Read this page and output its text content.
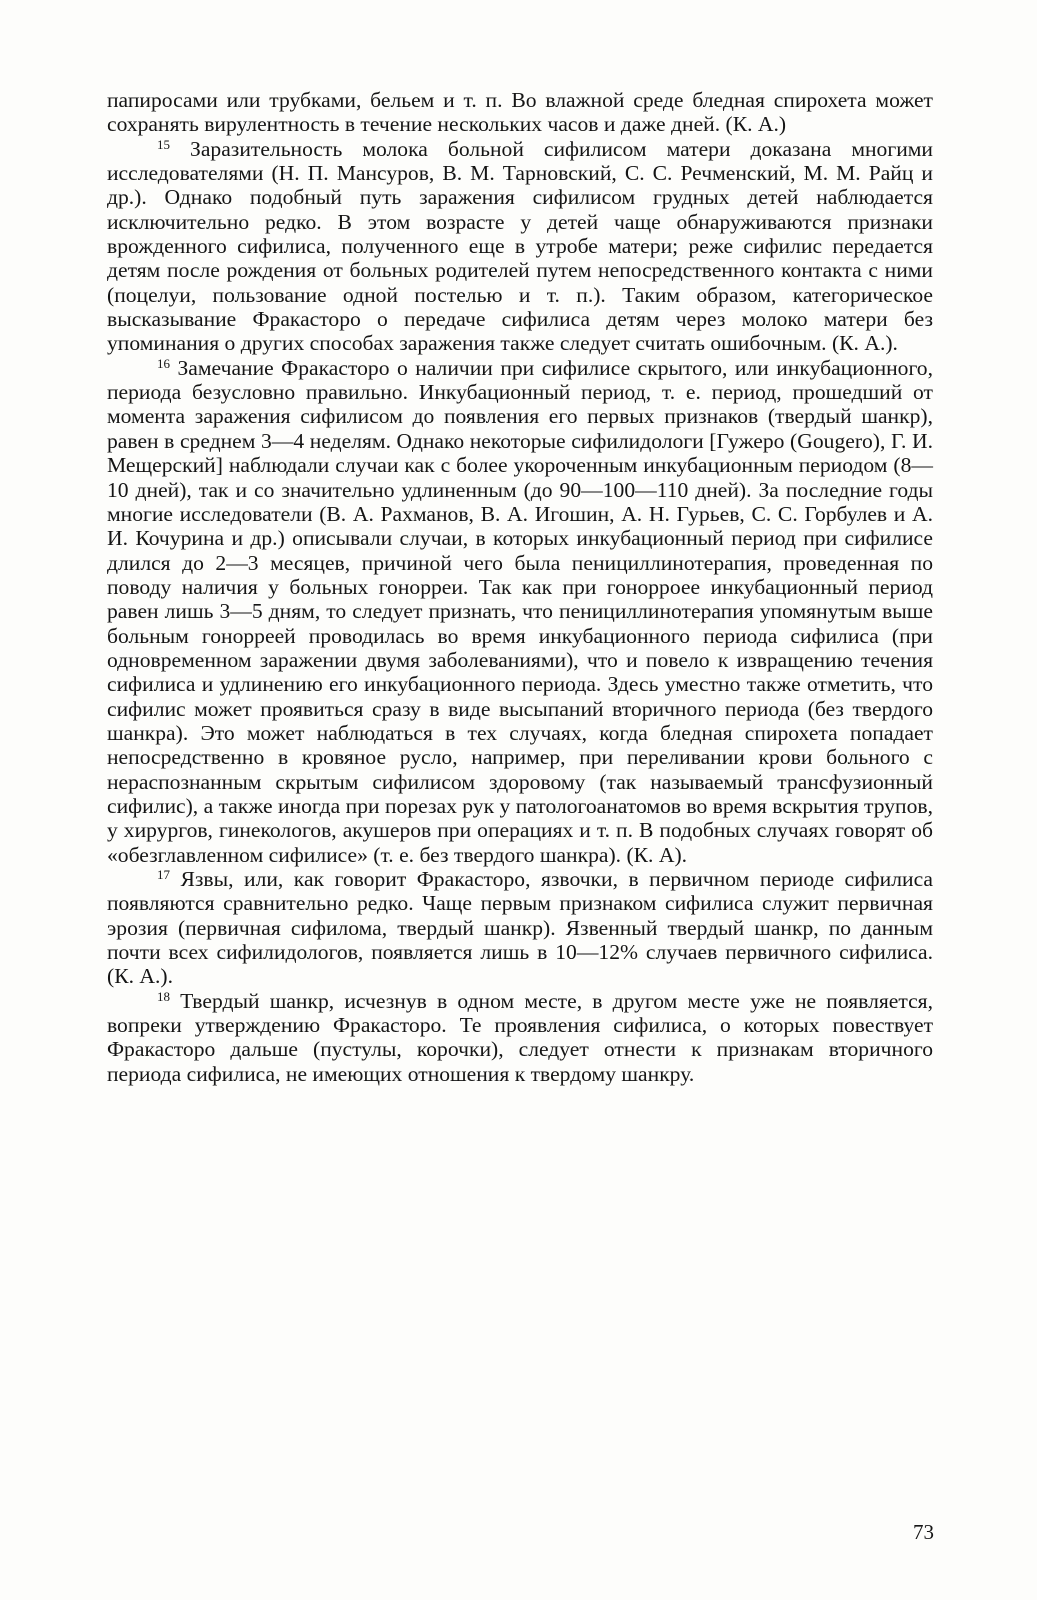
папиросами или трубками, бельем и т. п. Во влажной среде бледная спирохета может сохранять вирулентность в течение нескольких часов и даже дней. (К. А.)

$^{15}$ Заразительность молока больной сифилисом матери доказана многими исследователями (Н. П. Мансуров, В. М. Тарновский, С. С. Речменский, М. М. Райц и др.). Однако подобный путь заражения сифилисом грудных детей наблюдается исключительно редко. В этом возрасте у детей чаще обнаруживаются признаки врожденного сифилиса, полученного еще в утробе матери; реже сифилис передается детям после рождения от больных родителей путем непосредственного контакта с ними (поцелуи, пользование одной постелью и т. п.). Таким образом, категорическое высказывание Фракасторо о передаче сифилиса детям через молоко матери без упоминания о других способах заражения также следует считать ошибочным. (К. А.).

$^{16}$ Замечание Фракасторо о наличии при сифилисе скрытого, или инкубационного, периода безусловно правильно. Инкубационный период, т. е. период, прошедший от момента заражения сифилисом до появления его первых признаков (твердый шанкр), равен в среднем 3—4 неделям. Однако некоторые сифилидологи [Гужеро (Gougero), Г. И. Мещерский] наблюдали случаи как с более укороченным инкубационным периодом (8—10 дней), так и со значительно удлиненным (до 90—100—110 дней). За последние годы многие исследователи (В. А. Рахманов, В. А. Игошин, А. Н. Гурьев, С. С. Горбулев и А. И. Кочурина и др.) описывали случаи, в которых инкубационный период при сифилисе длился до 2—3 месяцев, причиной чего была пенициллинотерапия, проведенная по поводу наличия у больных гонорреи. Так как при гонорроее инкубационный период равен лишь 3—5 дням, то следует признать, что пенициллинотерапия упомянутым выше больным гонорреей проводилась во время инкубационного периода сифилиса (при одновременном заражении двумя заболеваниями), что и повело к извращению течения сифилиса и удлинению его инкубационного периода. Здесь уместно также отметить, что сифилис может проявиться сразу в виде высыпаний вторичного периода (без твердого шанкра). Это может наблюдаться в тех случаях, когда бледная спирохета попадает непосредственно в кровяное русло, например, при переливании крови больного с нераспознанным скрытым сифилисом здоровому (так называемый трансфузионный сифилис), а также иногда при порезах рук у патологоанатомов во время вскрытия трупов, у хирургов, гинекологов, акушеров при операциях и т. п. В подобных случаях говорят об «обезглавленном сифилисе» (т. е. без твердого шанкра). (К. А).

$^{17}$ Язвы, или, как говорит Фракасторо, язвочки, в первичном периоде сифилиса появляются сравнительно редко. Чаще первым признаком сифилиса служит первичная эрозия (первичная сифилома, твердый шанкр). Язвенный твердый шанкр, по данным почти всех сифилидологов, появляется лишь в 10—12% случаев первичного сифилиса. (К. А.).

$^{18}$ Твердый шанкр, исчезнув в одном месте, в другом месте уже не появляется, вопреки утверждению Фракасторо. Те проявления сифилиса, о которых повествует Фракасторо дальше (пустулы, корочки), следует отнести к признакам вторичного периода сифилиса, не имеющих отношения к твердому шанкру.

73
